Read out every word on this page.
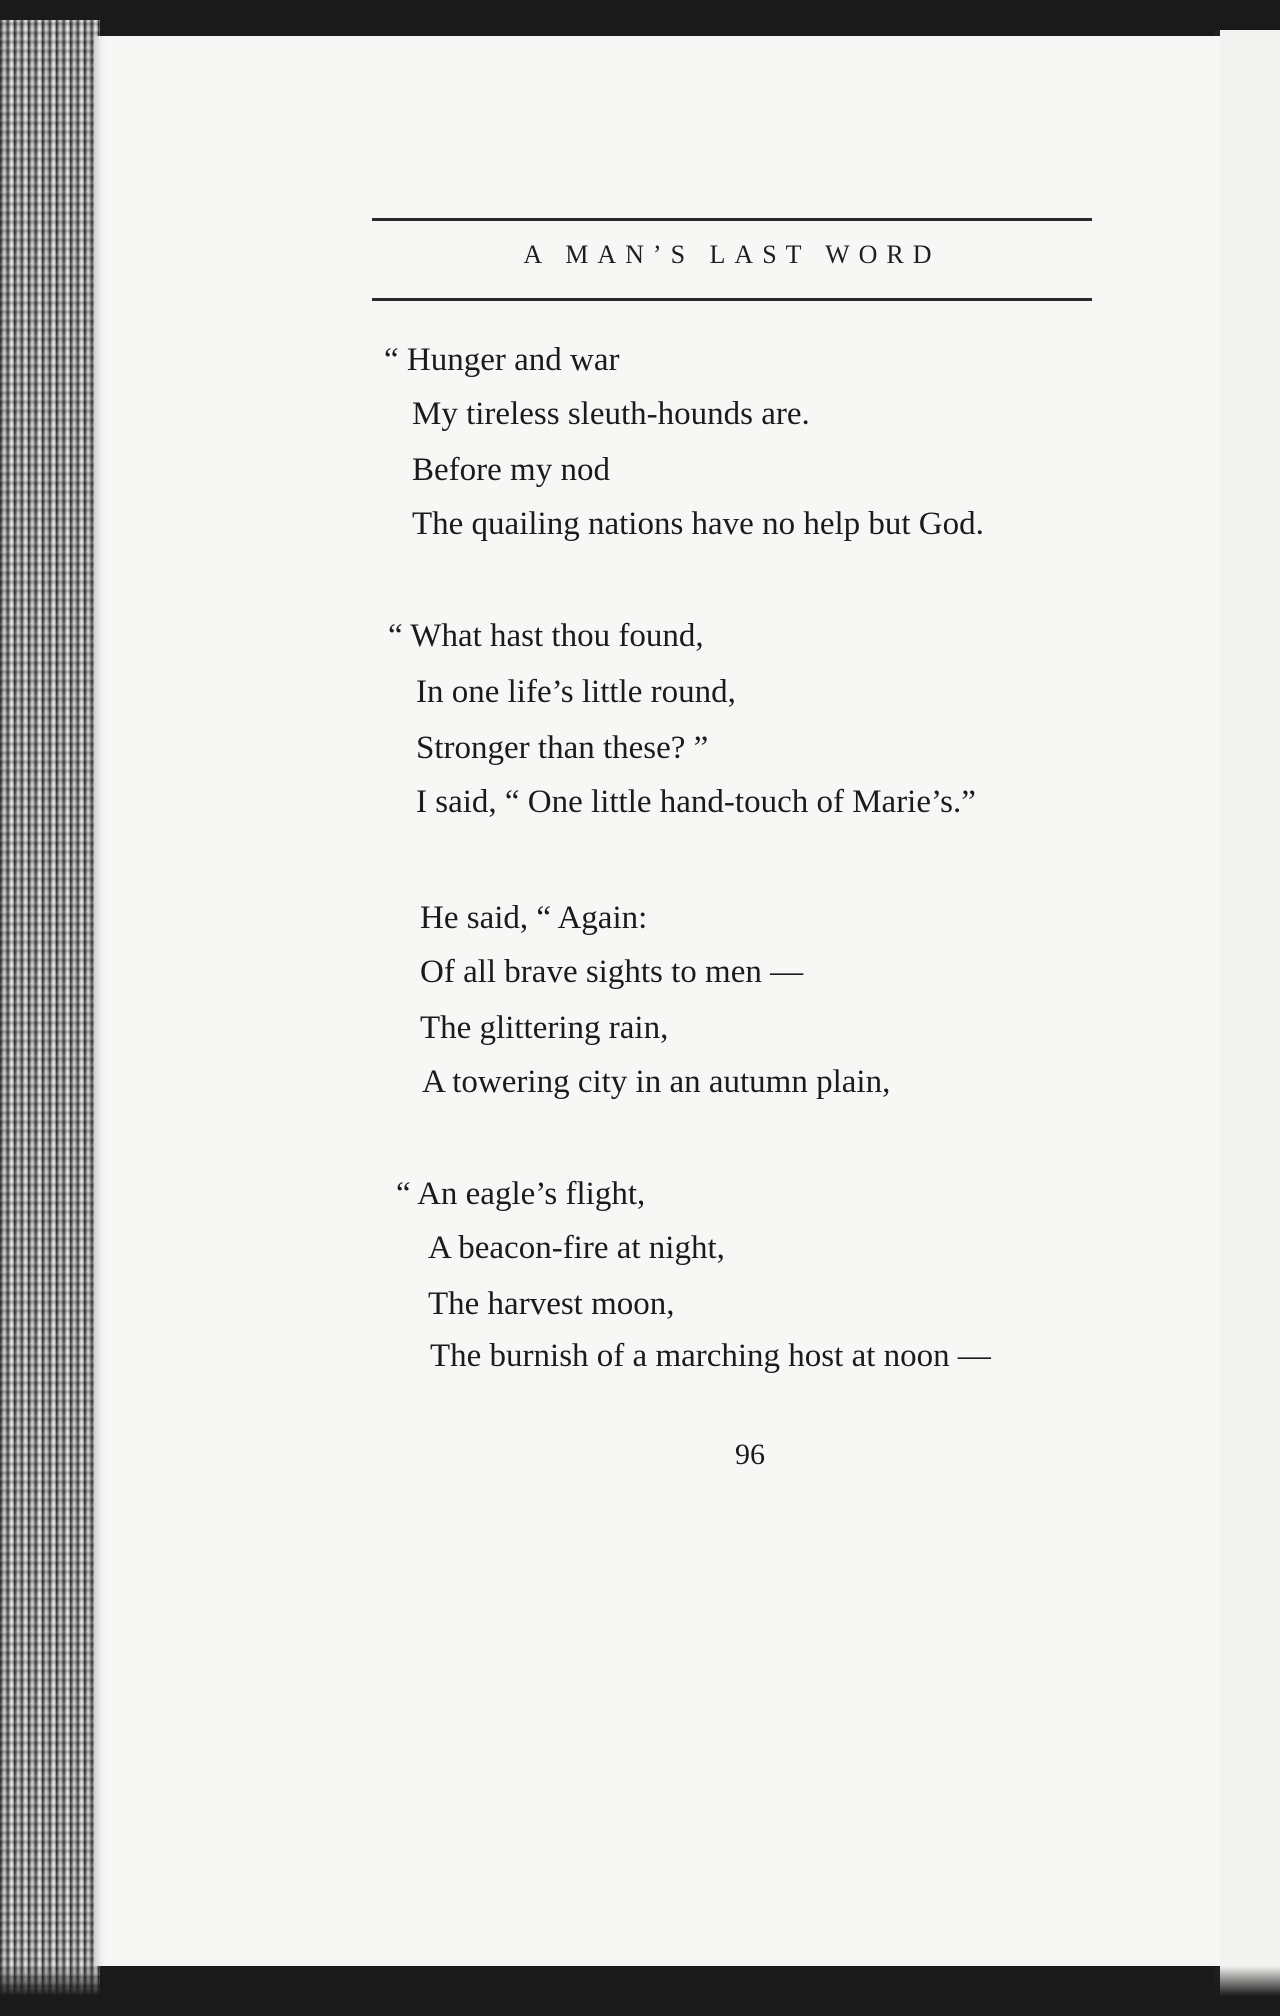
A MAN’S LAST WORD
“ Hunger and war
My tireless sleuth-hounds are.
Before my nod
The quailing nations have no help but God.
“ What hast thou found,
In one life’s little round,
Stronger than these? ”
I said, “ One little hand-touch of Marie’s.”
He said, “ Again:
Of all brave sights to men —
The glittering rain,
A towering city in an autumn plain,
“ An eagle’s flight,
A beacon-fire at night,
The harvest moon,
The burnish of a marching host at noon —
96
